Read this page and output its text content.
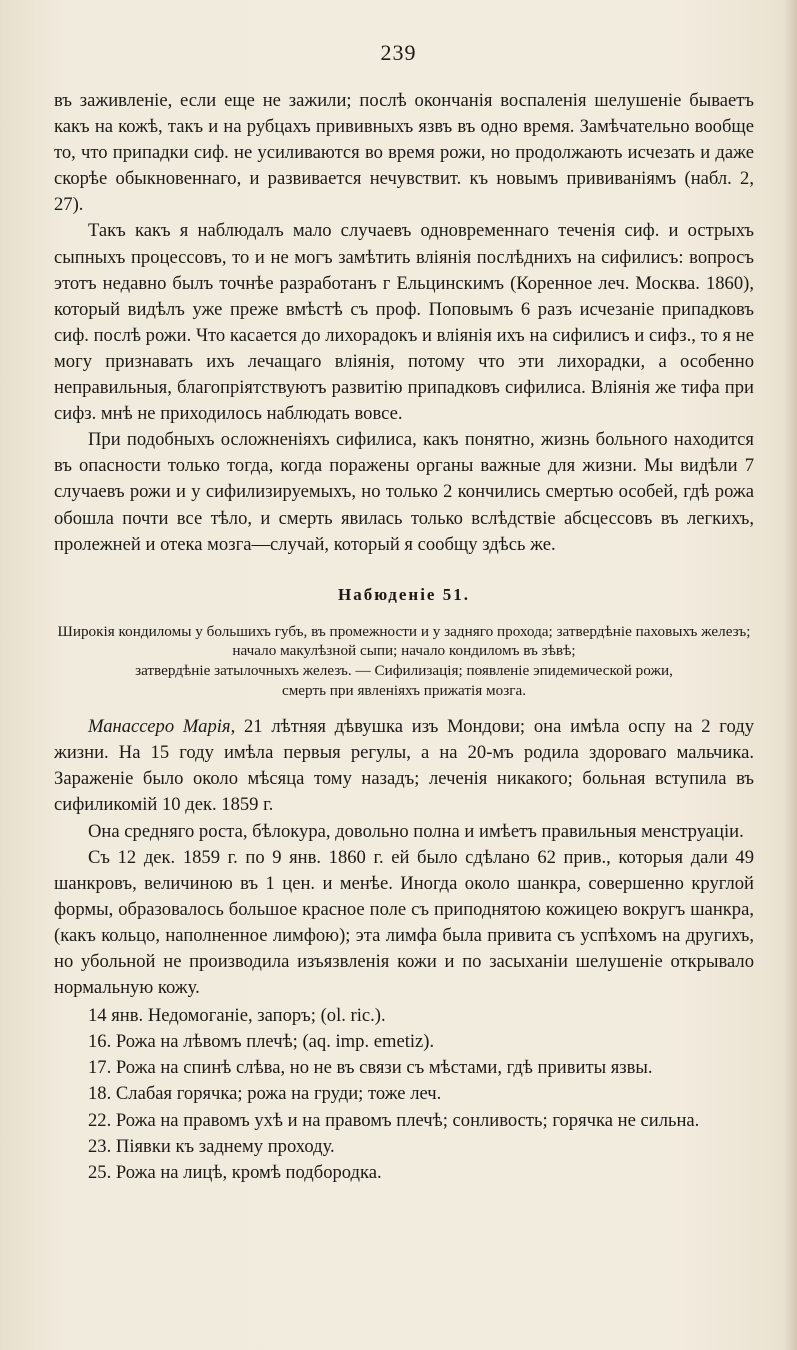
239

въ заживленіе, если еще не зажили; послѣ окончанія воспаленія шелушеніе бываетъ какъ на кожѣ, такъ и на рубцахъ прививныхъ язвъ въ одно время. Замѣчательно вообще то, что припадки сиф. не усиливаются во время рожи, но продолжають исчезать и даже скорѣе обыкновеннаго, и развивается нечувствит. къ новымъ прививаніямъ (набл. 2, 27).

Такъ какъ я наблюдалъ мало случаевъ одновременнаго теченія сиф. и острыхъ сыпныхъ процессовъ, то и не могъ замѣтить вліянія послѣднихъ на сифилисъ: вопросъ этотъ недавно былъ точнѣе разработанъ г Ельцинскимъ (Коренное леч. Москва. 1860), который видѣлъ уже преже вмѣстѣ съ проф. Поповымъ 6 разъ исчезаніе припадковъ сиф. послѣ рожи. Что касается до лихорадокъ и вліянія ихъ на сифилисъ и сифз., то я не могу признавать ихъ лечащаго вліянія, потому что эти лихорадки, а особенно неправильныя, благопріятствуютъ развитію припадковъ сифилиса. Вліянія же тифа при сифз. мнѣ не приходилось наблюдать вовсе.

При подобныхъ осложненіяхъ сифилиса, какъ понятно, жизнь больного находится въ опасности только тогда, когда поражены органы важные для жизни. Мы видѣли 7 случаевъ рожи и у сифилизируемыхъ, но только 2 кончились смертью особей, гдѣ рожа обошла почти все тѣло, и смерть явилась только вслѣдствіе абсцессовъ въ легкихъ, пролежней и отека мозга—случай, который я сообщу здѣсь же.

Набюденіе 51.
Широкія кондиломы у большихъ губъ, въ промежности и у задняго прохода; затвердѣніе паховыхъ железъ; начало макулѣзной сыпи; начало кондиломъ въ зѣвѣ;
затвердѣніе затылочныхъ железъ. — Сифилизація; появленіе эпидемической рожи,
смерть при явленіяхъ прижатія мозга.

Манассеро Марія, 21 лѣтняя дѣвушка изъ Мондови; она имѣла оспу на 2 году жизни. На 15 году имѣла первыя регулы, а на 20-мъ родила здороваго мальчика. Зараженіе было около мѣсяца тому назадъ; леченія никакого; больная вступила въ сифиликомій 10 дек. 1859 г.

Она средняго роста, бѣлокура, довольно полна и имѣетъ правильныя менструаціи.

Съ 12 дек. 1859 г. по 9 янв. 1860 г. ей было сдѣлано 62 прив., которыя дали 49 шанкровъ, величиною въ 1 цен. и менѣе. Иногда около шанкра, совершенно круглой формы, образовалось большое красное поле съ приподнятою кожицею вокругъ шанкра, (какъ кольцо, наполненное лимфою); эта лимфа была привита съ успѣхомъ на другихъ, но убольной не производила изъязвленія кожи и по засыханіи шелушеніе открывало нормальную кожу.

14 янв. Недомоганіе, запоръ; (ol. ric.).

16. Рожа на лѣвомъ плечѣ; (aq. imp. emetiz).

17. Рожа на спинѣ слѣва, но не въ связи съ мѣстами, гдѣ привиты язвы.

18. Слабая горячка; рожа на груди; тоже леч.

22. Рожа на правомъ ухѣ и на правомъ плечѣ; сонливость; горячка не сильна.

23. Піявки къ заднему проходу.

25. Рожа на лицѣ, кромѣ подбородка.
